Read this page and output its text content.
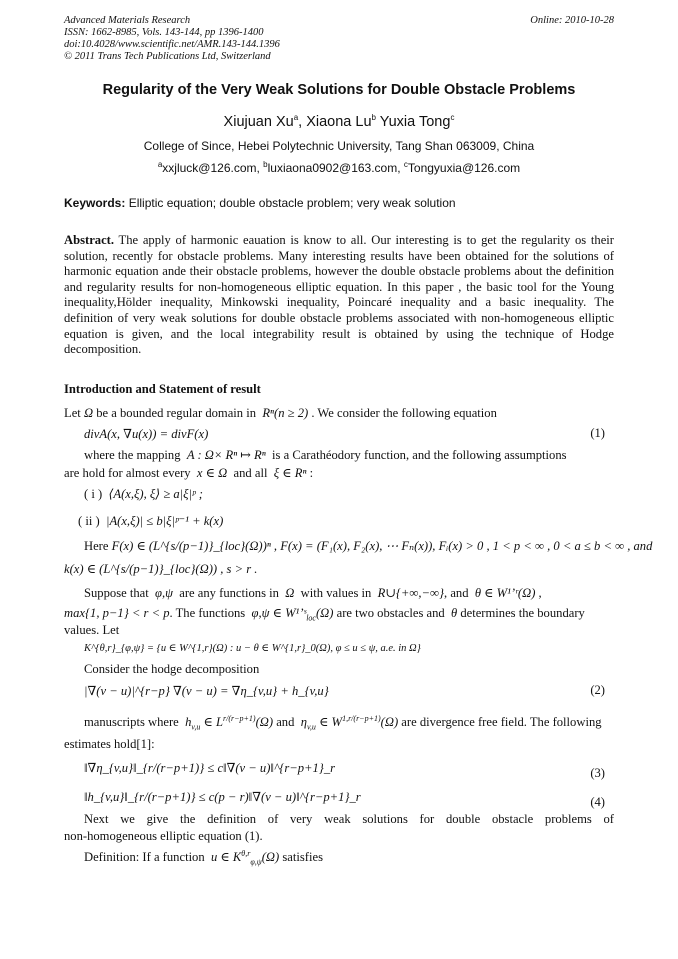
Advanced Materials Research
ISSN: 1662-8985, Vols. 143-144, pp 1396-1400
doi:10.4028/www.scientific.net/AMR.143-144.1396
© 2011 Trans Tech Publications Ltd, Switzerland
Online: 2010-10-28
Regularity of the Very Weak Solutions for Double Obstacle Problems
Xiujuan Xu$^a$, Xiaona Lu$^b$ Yuxia Tong$^c$
College of Since, Hebei Polytechnic University, Tang Shan 063009, China
$^a$xxjluck@126.com, $^b$luxiaona0902@163.com, $^c$Tongyuxia@126.com
Keywords: Elliptic equation; double obstacle problem; very weak solution
Abstract. The apply of harmonic eauation is know to all. Our interesting is to get the regularity os their solution, recently for obstacle problems. Many interesting results have been obtained for the solutions of harmonic equation ande their obstacle problems, however the double obstacle problems about the definition and regularity results for non-homogeneous elliptic equation. In this paper , the basic tool for the Young inequality,Hölder inequality, Minkowski inequality, Poincaré inequality and a basic inequality. The definition of very weak solutions for double obstacle problems associated with non-homogeneous elliptic equation is given, and the local integrability result is obtained by using the technique of Hodge decomposition.
Introduction and Statement of result
Let Ω be a bounded regular domain in  Rⁿ(n ≥ 2) . We consider the following equation
divA(x, ∇u(x)) = divF(x)	(1)
where the mapping  A : Ω× Rⁿ ↦ Rⁿ  is a Carathéodory function, and the following assumptions
are hold for almost every  x ∈ Ω  and all  ξ ∈ Rⁿ :
( i ) ⟨A(x,ξ), ξ⟩ ≥ a|ξ|ᵖ ;
( ii ) |A(x,ξ)| ≤ b|ξ|ᵖ⁻¹ + k(x)
Here F(x) ∈ (L^{s/(p−1)}_{loc}(Ω))ⁿ , F(x) = (F₁(x), F₂(x), ⋯ Fₙ(x)), Fᵢ(x) > 0 , 1 < p < ∞ , 0 < a ≤ b < ∞ , and
k(x) ∈ (L^{s/(p−1)}_{loc}(Ω)) , s > r .
Suppose that  φ,ψ  are any functions in  Ω  with values in  R∪{+∞,−∞}, and  θ ∈ W¹ʼʳ(Ω) ,
max{1, p−1} < r < p. The functions  φ,ψ ∈ W¹ʼˢ$_{loc}$(Ω) are two obstacles and  θ determines the boundary
values. Let
K^{θ,r}_{φ,ψ} = {u ∈ W^{1,r}(Ω) : u − θ ∈ W^{1,r}_0(Ω), φ ≤ u ≤ ψ, a.e. in Ω}
Consider the hodge decomposition
|∇(v − u)|^{r−p} ∇(v − u) = ∇η_{v,u} + h_{v,u}	(2)
manuscripts where  $h_{v,u}$ ∈ $L^{r/(r-p+1)}(\Omega)$ and  $\eta_{v,u}$ ∈ $W^{1,r/(r-p+1)}(\Omega)$ are divergence free field. The following
estimates hold[1]:
‖∇η_{v,u}‖_{r/(r−p+1)} ≤ c‖∇(v − u)‖^{r−p+1}_r	(3)
‖h_{v,u}‖_{r/(r−p+1)} ≤ c(p − r)‖∇(v − u)‖^{r−p+1}_r	(4)
Next we give the definition of very weak solutions for double obstacle problems of
non-homogeneous elliptic equation (1).
Definition: If a function  u ∈ $K^{\theta,r}_{\varphi,\psi}(\Omega)$ satisfies
